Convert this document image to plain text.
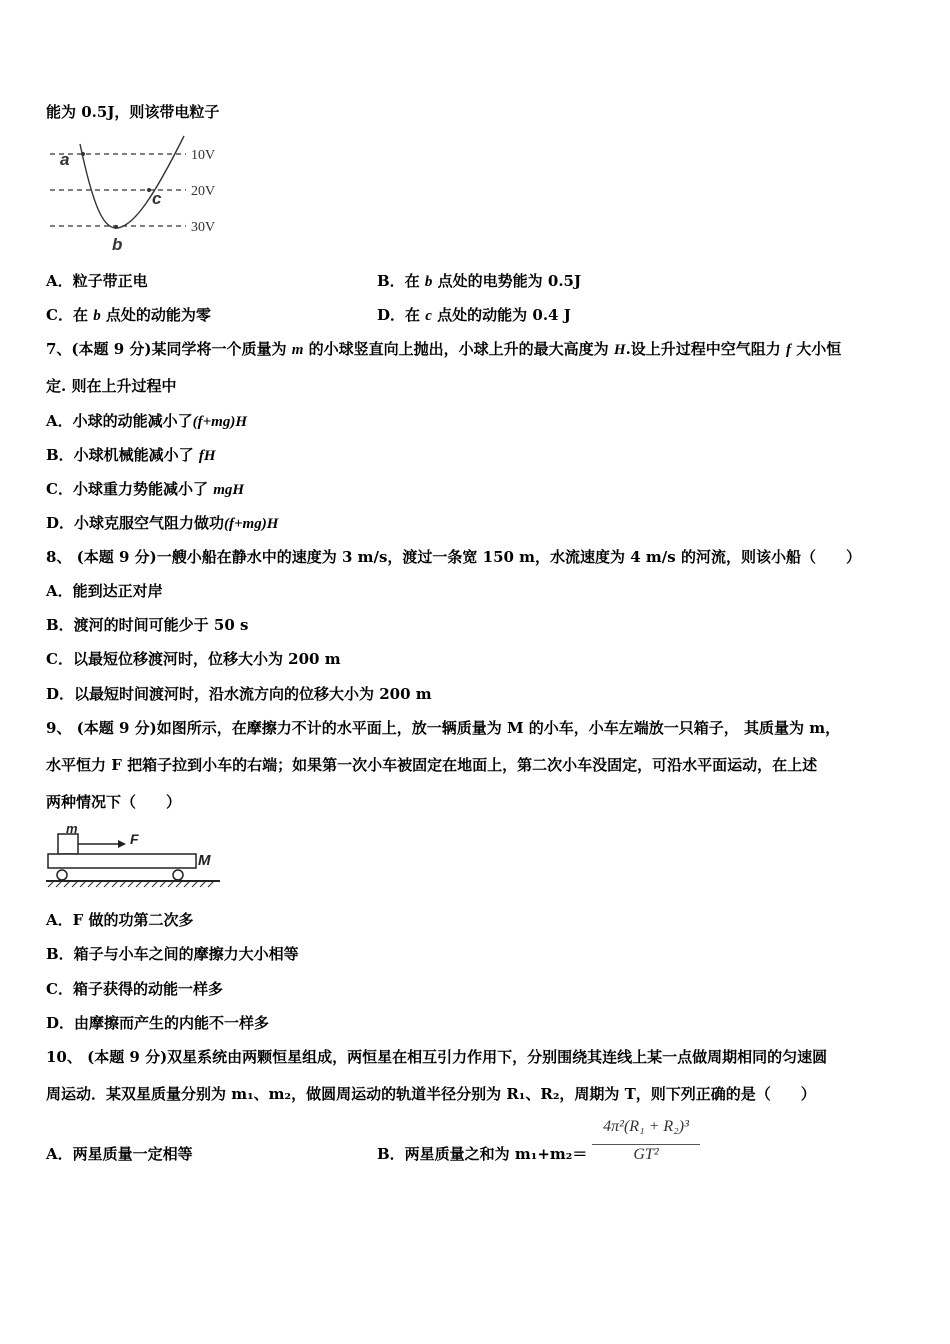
能为 0.5J，则该带电粒子
a
c
b
10V
20V
30V
A．粒子带正电	B．在 b 点处的电势能为 0.5J
C．在 b 点处的动能为零	D．在 c 点处的动能为 0.4 J
7、(本题 9 分)某同学将一个质量为 m 的小球竖直向上抛出，小球上升的最大高度为 H.设上升过程中空气阻力 f 大小恒
定. 则在上升过程中
A．小球的动能减小了(f+mg)H
B．小球机械能减小了 fH
C．小球重力势能减小了 mgH
D．小球克服空气阻力做功(f+mg)H
8、 (本题 9 分)一艘小船在静水中的速度为 3 m/s，渡过一条宽 150 m，水流速度为 4 m/s 的河流，则该小船（　　）
A．能到达正对岸
B．渡河的时间可能少于 50 s
C．以最短位移渡河时，位移大小为 200 m
D．以最短时间渡河时，沿水流方向的位移大小为 200 m
9、 (本题 9 分)如图所示，在摩擦力不计的水平面上，放一辆质量为 M 的小车，小车左端放一只箱子， 其质量为 m，
水平恒力 F 把箱子拉到小车的右端；如果第一次小车被固定在地面上，第二次小车没固定，可沿水平面运动，在上述
两种情况下（　　）
m
F
M
A．F 做的功第二次多
B．箱子与小车之间的摩擦力大小相等
C．箱子获得的动能一样多
D．由摩擦而产生的内能不一样多
10、 (本题 9 分)双星系统由两颗恒星组成，两恒星在相互引力作用下，分别围绕其连线上某一点做周期相同的匀速圆
周运动．某双星质量分别为 m₁、m₂，做圆周运动的轨道半径分别为 R₁、R₂，周期为 T，则下列正确的是（　　）
A．两星质量一定相等	B．两星质量之和为 m₁+m₂＝
4π²(R₁ + R₂)³
GT²
